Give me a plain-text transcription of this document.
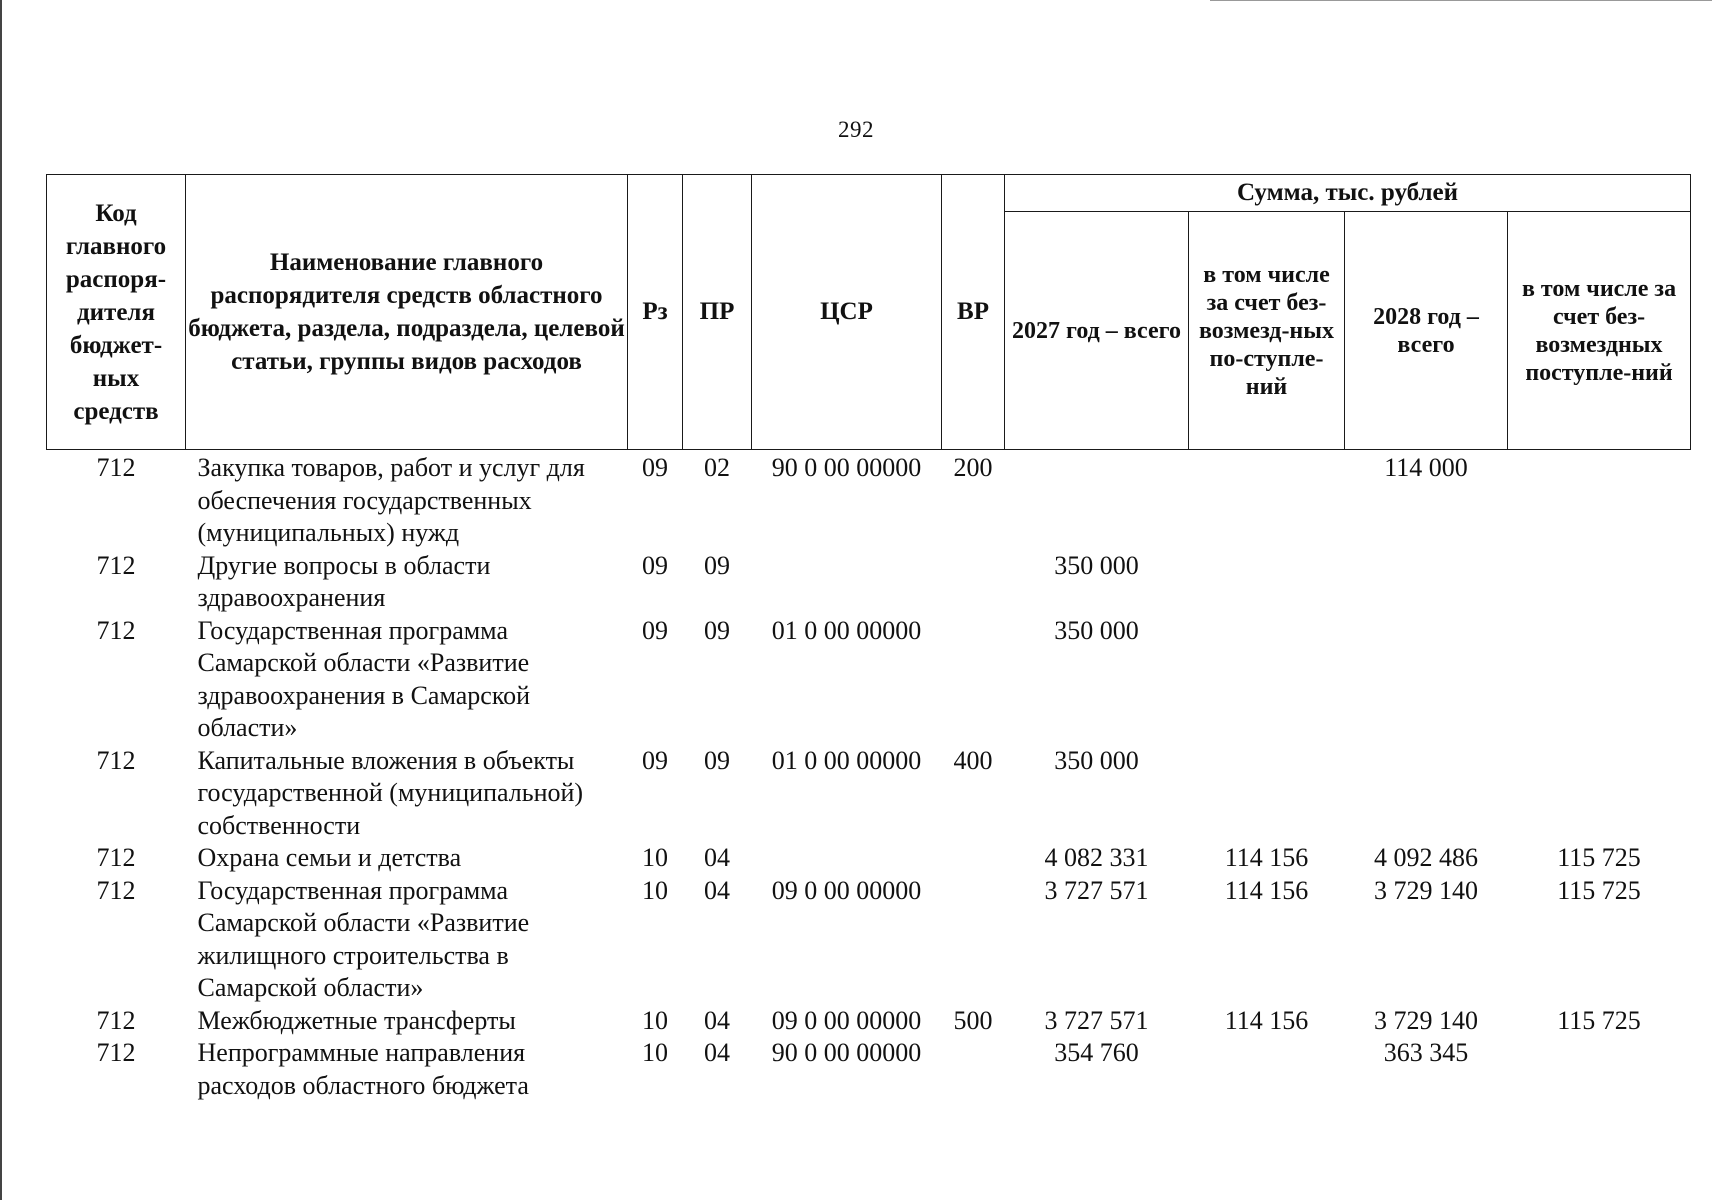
292
Код главного распоря-дителя бюджет-ных средств	Наименование главного распорядителя средств областного бюджета, раздела, подраздела, целевой статьи, группы видов расходов	Рз	ПР	ЦСР	ВР	Сумма, тыс. рублей			
						2027 год – всего	в том числе за счет без-возмезд-ных по-ступле-ний	2028 год – всего	в том числе за счет без-возмездных поступле-ний
712	Закупка товаров, работ и услуг для обеспечения государственных (муниципальных) нужд	09	02	90 0 00 00000	200			114 000	
712	Другие вопросы в области здравоохранения	09	09			350 000			
712	Государственная программа Самарской области «Развитие здравоохранения в Самарской области»	09	09	01 0 00 00000		350 000			
712	Капитальные вложения в объекты государственной (муниципальной) собственности	09	09	01 0 00 00000	400	350 000			
712	Охрана семьи и детства	10	04			4 082 331	114 156	4 092 486	115 725
712	Государственная программа Самарской области «Развитие жилищного строительства в Самарской области»	10	04	09 0 00 00000		3 727 571	114 156	3 729 140	115 725
712	Межбюджетные трансферты	10	04	09 0 00 00000	500	3 727 571	114 156	3 729 140	115 725
712	Непрограммные направления расходов областного бюджета	10	04	90 0 00 00000		354 760		363 345	
